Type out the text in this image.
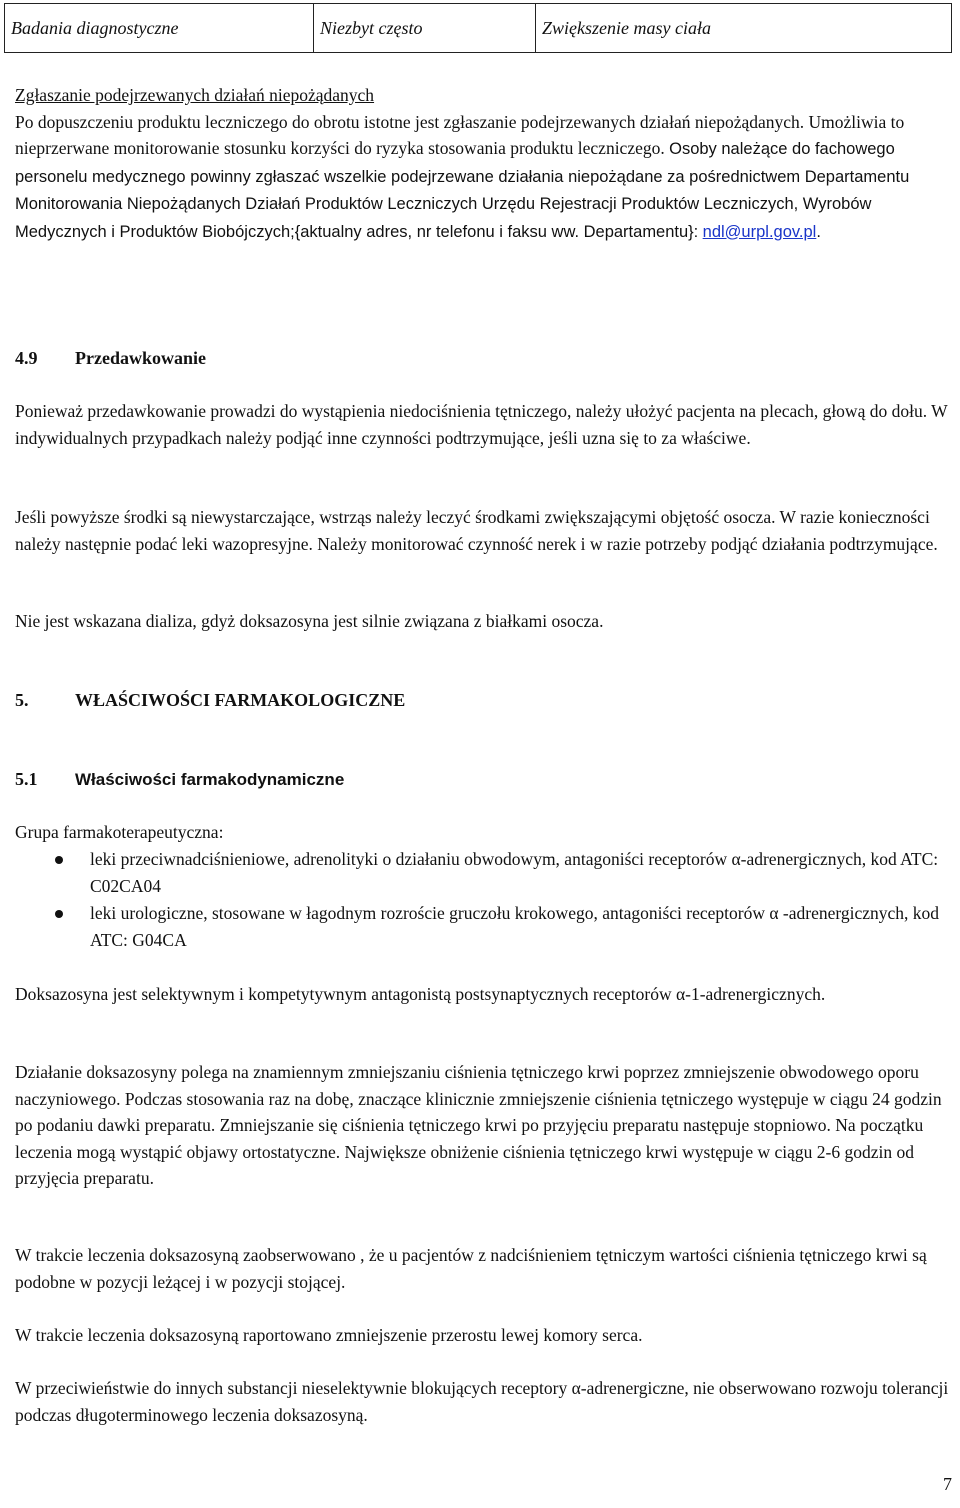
Badania diagnostyczne	Niezbyt często	Zwiększenie masy ciała

Zgłaszanie podejrzewanych działań niepożądanych

Po dopuszczeniu produktu leczniczego do obrotu istotne jest zgłaszanie podejrzewanych działań niepożądanych. Umożliwia to nieprzerwane monitorowanie stosunku korzyści do ryzyka stosowania produktu leczniczego. Osoby należące do fachowego personelu medycznego powinny zgłaszać wszelkie podejrzewane działania niepożądane za pośrednictwem Departamentu Monitorowania Niepożądanych Działań Produktów Leczniczych Urzędu Rejestracji Produktów Leczniczych, Wyrobów Medycznych i Produktów Biobójczych;{aktualny adres, nr telefonu i faksu ww. Departamentu}: ndl@urpl.gov.pl.

4.9 Przedawkowanie

Ponieważ przedawkowanie prowadzi do wystąpienia niedociśnienia tętniczego, należy ułożyć pacjenta na plecach, głową do dołu. W indywidualnych przypadkach należy podjąć inne czynności podtrzymujące, jeśli uzna się to za właściwe.

Jeśli powyższe środki są niewystarczające, wstrząs należy leczyć środkami zwiększającymi objętość osocza. W razie konieczności należy następnie podać leki wazopresyjne. Należy monitorować czynność nerek i w razie potrzeby podjąć działania podtrzymujące.

Nie jest wskazana dializa, gdyż doksazosyna jest silnie związana z białkami osocza.

5.	WŁAŚCIWOŚCI FARMAKOLOGICZNE
5.1 Właściwości farmakodynamiczne

Grupa farmakoterapeutyczna:

leki przeciwnadciśnieniowe, adrenolityki o działaniu obwodowym, antagoniści receptorów α-adrenergicznych, kod ATC: C02CA04
leki urologiczne, stosowane w łagodnym rozroście gruczołu krokowego, antagoniści receptorów α -adrenergicznych, kod ATC: G04CA

Doksazosyna jest selektywnym i kompetytywnym antagonistą postsynaptycznych receptorów α-1-adrenergicznych.

Działanie doksazosyny polega na znamiennym zmniejszaniu ciśnienia tętniczego krwi poprzez zmniejszenie obwodowego oporu naczyniowego. Podczas stosowania raz na dobę, znaczące klinicznie zmniejszenie ciśnienia tętniczego występuje w ciągu 24 godzin po podaniu dawki preparatu. Zmniejszanie się ciśnienia tętniczego krwi po przyjęciu preparatu następuje stopniowo. Na początku leczenia mogą wystąpić objawy ortostatyczne. Największe obniżenie ciśnienia tętniczego krwi występuje w ciągu 2-6 godzin od przyjęcia preparatu.

W trakcie leczenia doksazosyną zaobserwowano , że u pacjentów z nadciśnieniem tętniczym wartości ciśnienia tętniczego krwi są podobne w pozycji leżącej i w pozycji stojącej.

W trakcie leczenia doksazosyną raportowano zmniejszenie przerostu lewej komory serca.

W przeciwieństwie do innych substancji nieselektywnie blokujących receptory α-adrenergiczne, nie obserwowano rozwoju tolerancji podczas długoterminowego leczenia doksazosyną.

7
